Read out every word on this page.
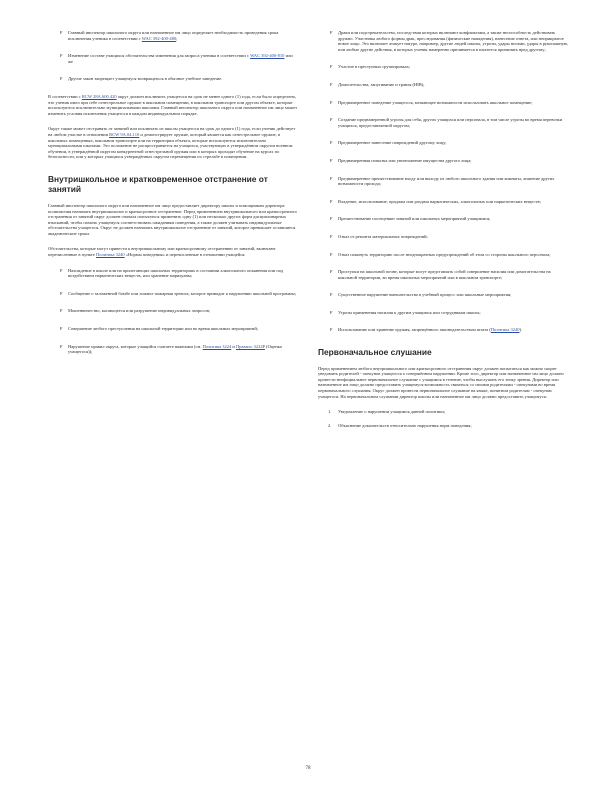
F Главный инспектор школьного округа или назначенное им лицо определяет необходимость проведения срока исключения ученика в соответствии с WAC 392-400-480;
F Изменение составе учащихся обстоятельства изменения для запроса ученика в соответствии с WAC 392-400-810 или же
F Другие закон запрещает учащемуся возвращаться в обычное учебное заведение.

В соответствии с RCW 28A.600.420 округ должен исключить учащегося на срок не менее одного (1) года, если было определено, что ученик имел при себе огнестрельное оружие в школьном помещении, в школьном транспорте или другом объекте, которые используются исключительно муниципальными школами. Главный инспектор школьного округа или назначенное им лицо может изменить условия исключения учащегося в каждом индивидуальном порядке.

Округ также может отстранять от занятий или исключать из школы учащегося на срок до одного (1) года, если ученик действует на любом участке в отношении RCW 9A.04.110 и демонстрирует оружие, который является как огнестрельное оружие, в школьных помещениях, школьном транспорте или на территории объекта, которые используются исключительно муниципальными школами. Это положение не распространяется на учащихся, участвующих в утверждённом округом военном обучении, в утверждённой округом конкурентной огнестрельной оружия или в которых проходят обучение на курсах по безопасности, или у которых учащихся утверждённых округом перемещения по стрельбе в помещении.

Внутришкольное и кратковременное отстранение от занятий

Главный инспектор школьного округа или назначенное им лицо предоставляет директору школы и помощникам директора полномочия назначать внутришкольное и краткосрочное отстранение. Перед применением внутришкольного или краткосрочного отстранения от занятий округ должен сначала попытаться применить одну (1) или несколько других форм дисциплинарных взысканий, чтобы помочь учащемуся соответствовать ожиданиям поведения, а также должен учитывать индивидуальные обстоятельства учащегося. Округ не должен назначать внутришкольное отстранение от занятий, которое превышает оставшиеся академические сроки.

Обстоятельства, которые могут привести к внутришкольному или краткосрочному отстранению от занятий, включают перечисленные в пункте Политика 3240 «Нормы поведения» и перечисленные в отношении учащейся:

F Нахождение в школе или на прилегающих школьных территориях в состоянии алкогольного опьянения или под воздействием наркотических веществ, или хранение марихуаны;
F Сообщение о заложенной бомбе или ложное пожарная тревога, которое приводит к нарушению школьной программы;
F Мошенничество, касающееся или разрушение индивидуальных запросов;
F Совершение любого преступления на школьной территории или во время школьных мероприятий;
F Нарушение правил округа, которые учащийся считаете важными (см. Политика 3224 и Правило 3224P (Оценка учащегося));
F Драки или подстрекательство, последствия которых включают конфликтами, а также неспособность действовать дружно. Участника любого формы драк, преследования (физические нападения), нанесение ответа, или неприкрытое новое лицо. Это включает атакует натуре, например, другие людей школы, угрозы, удары ногами, удары в рукопашную, или любые другие действия, в которых ученик намеренно причиняется в пытается причинять вред другому;
F Участие в преступных группировках;
F Домогательства, запугивание и травля (HIB);
F Преднамеренное поведение учащегося, мешающее возможности использовать школьное помещение;
F Создание преднамеренной угрозы для себя, других учащихся или персонала, в том числе угрозы во время перевозки учащихся, предоставляемой округом;
F Преднамеренное нанесение повреждений другому лицу;
F Преднамеренная попытка или уничтожение имущества другого лица;
F Преднамеренное препятствование входу или выходу из любого школьного здания или комнаты, лишение других возможности прохода;
F Владение, использование, продажа или раздача наркотических, алкогольных или наркотических веществ;
F Препятствование посещению занятий или школьных мероприятий учащимися;
F Отказ от ремонта материальных повреждений;
F Отказ покинуть территорию после неоднократных предупреждений об этом со стороны школьного персонала;
F Проступки на школьной почве, которые могут представлять собой совершение насилия или домогательства на школьной территории, во время школьных мероприятий или в школьном транспорте;
F Существенное нарушение вмешательства в учебный процесс или школьные мероприятия;
F Угрозы применения насилия к другим учащимся или сотрудникам школы;
F Использование или хранение оружия, запрещённого законодательством штата (Политика 3240).
Первоначальное слушание

Перед применением любого внутришкольного или краткосрочного отстранения округ должен попытаться как можно скорее уведомить родителей - опекунов учащегося о совершённом нарушении. Кроме того, директор или назначенное им лицо должно провести неофициальное первоначальное слушание с учащимся в течение, чтобы выслушать его точку зрения. Директор или назначенное им лицо должно предоставить учащемуся возможность связаться со своими родителями - опекунами во время первоначального слушания. Округ должен провести первоначальное слушание на языке, понятном родителям - опекунам учащегося. На первоначальном слушании директор школы или назначенное им лицо должно предоставить учащемуся:

1. Уведомление о нарушении учащимся данной политики;
2. Объяснение доказательств относительно нарушения норм поведения;
78
